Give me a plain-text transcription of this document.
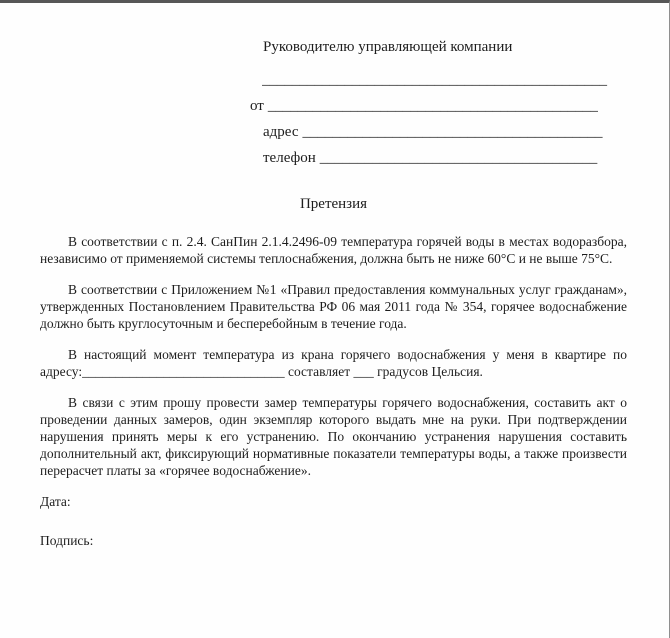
Руководителю управляющей компании
______________________________________________
от ____________________________________________
адрес ________________________________________
телефон _____________________________________
Претензия

В соответствии с п. 2.4. СанПин 2.1.4.2496-09 температура горячей воды в местах водоразбора, независимо от применяемой системы теплоснабжения, должна быть не ниже 60°С и не выше 75°С.

В соответствии с Приложением №1 «Правил предоставления коммунальных услуг гражданам», утвержденных Постановлением Правительства РФ 06 мая 2011 года № 354, горячее водоснабжение должно быть круглосуточным и бесперебойным в течение года.

В настоящий момент температура из крана горячего водоснабжения у меня в квартире по адресу:______________________________ составляет ___ градусов Цельсия.

В связи с этим прошу провести замер температуры горячего водоснабжения, составить акт о проведении данных замеров, один экземпляр которого выдать мне на руки. При подтверждении нарушения принять меры к его устранению. По окончанию устранения нарушения составить дополнительный акт, фиксирующий нормативные показатели температуры воды, а также произвести перерасчет платы за «горячее водоснабжение».

Дата:
Подпись:
